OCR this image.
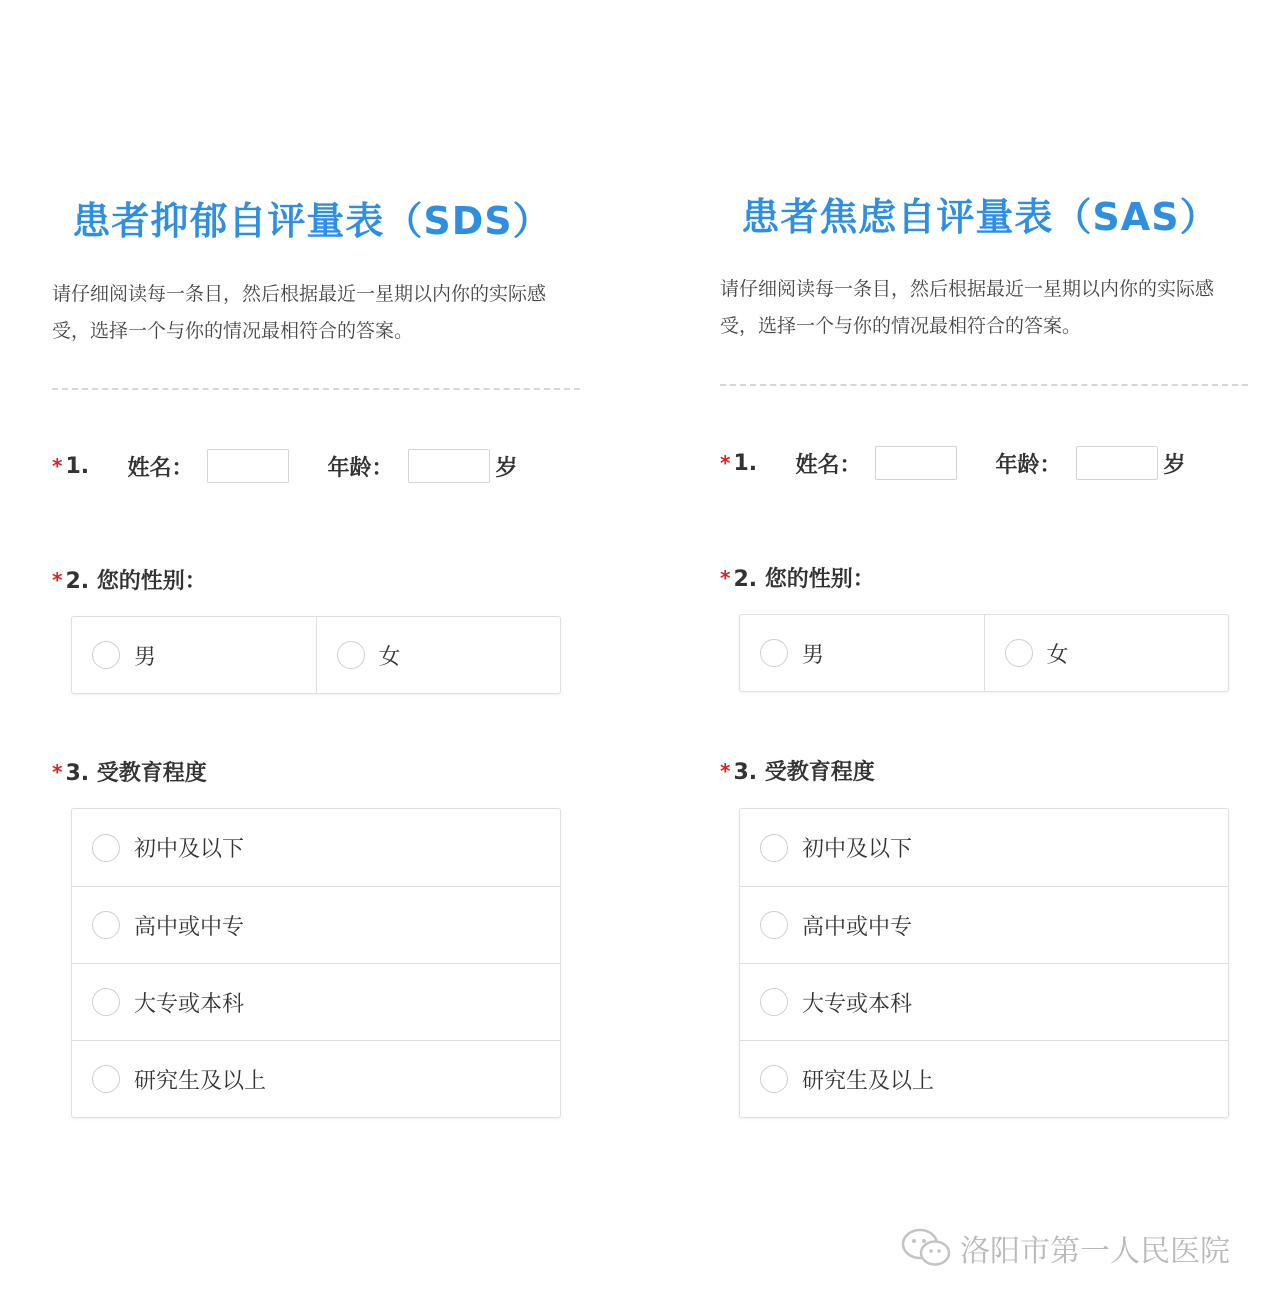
患者抑郁自评量表（SDS）

请仔细阅读每一条目，然后根据最近一星期以内你的实际感受，选择一个与你的情况最相符合的答案。

* 1.	姓名：	年龄：	岁
* 2. 您的性别：
男	女
* 3. 受教育程度
初中及以下
高中或中专
大专或本科
研究生及以上
患者焦虑自评量表（SAS）

请仔细阅读每一条目，然后根据最近一星期以内你的实际感受，选择一个与你的情况最相符合的答案。

* 1.	姓名：	年龄：	岁
* 2. 您的性别：
男	女
* 3. 受教育程度
初中及以下
高中或中专
大专或本科
研究生及以上
洛阳市第一人民医院
